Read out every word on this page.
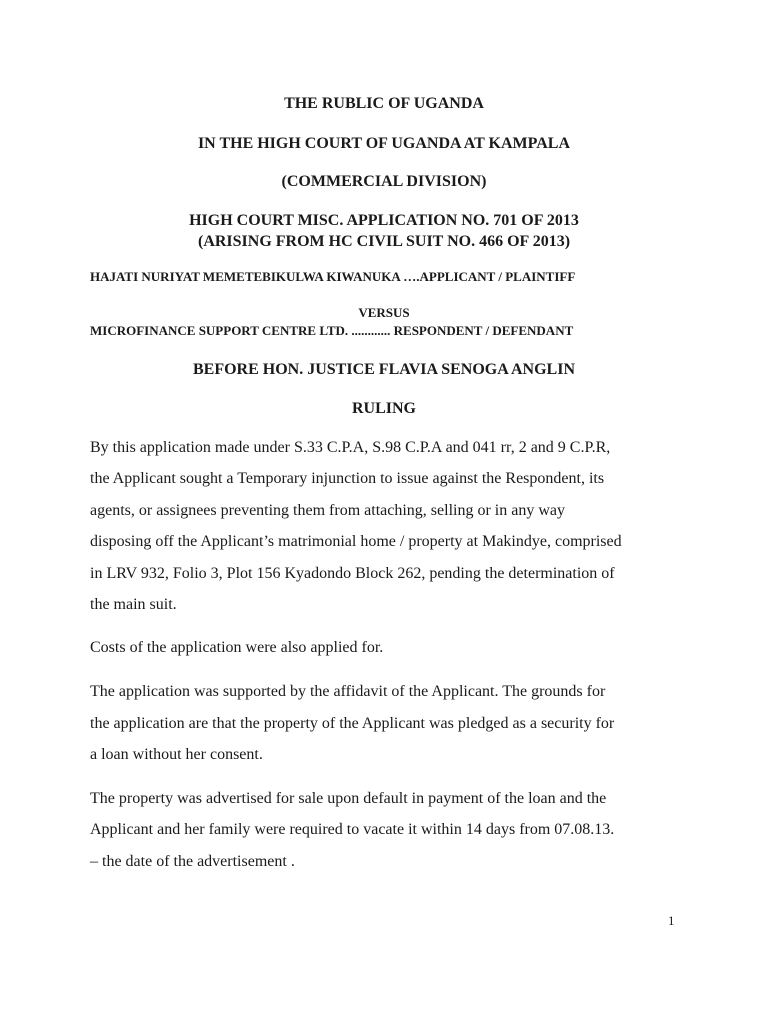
THE RUBLIC OF UGANDA
IN THE HIGH COURT OF UGANDA AT KAMPALA
(COMMERCIAL DIVISION)
HIGH COURT MISC. APPLICATION NO. 701 OF 2013
(ARISING FROM HC CIVIL SUIT NO. 466 OF 2013)
HAJATI NURIYAT MEMETEBIKULWA KIWANUKA ….APPLICANT / PLAINTIFF
VERSUS
MICROFINANCE SUPPORT CENTRE LTD. ............ RESPONDENT / DEFENDANT
BEFORE HON. JUSTICE FLAVIA SENOGA ANGLIN
RULING
By this application made under S.33 C.P.A, S.98 C.P.A and 041 rr, 2 and 9 C.P.R,
the Applicant sought a Temporary injunction to issue against the Respondent, its
agents, or assignees preventing them from attaching, selling or in any way
disposing off the Applicant’s matrimonial home / property at Makindye, comprised
in LRV 932, Folio 3, Plot 156 Kyadondo Block 262, pending the determination of
the main suit.
Costs of the application were also applied for.
The application was supported by the affidavit of the Applicant. The grounds for
the application are that the property of the Applicant was pledged as a security for
a loan without her consent.
The property was advertised for sale upon default in payment of the loan and the
Applicant and her family were required to vacate it within 14 days from 07.08.13.
– the date of the advertisement .
1
